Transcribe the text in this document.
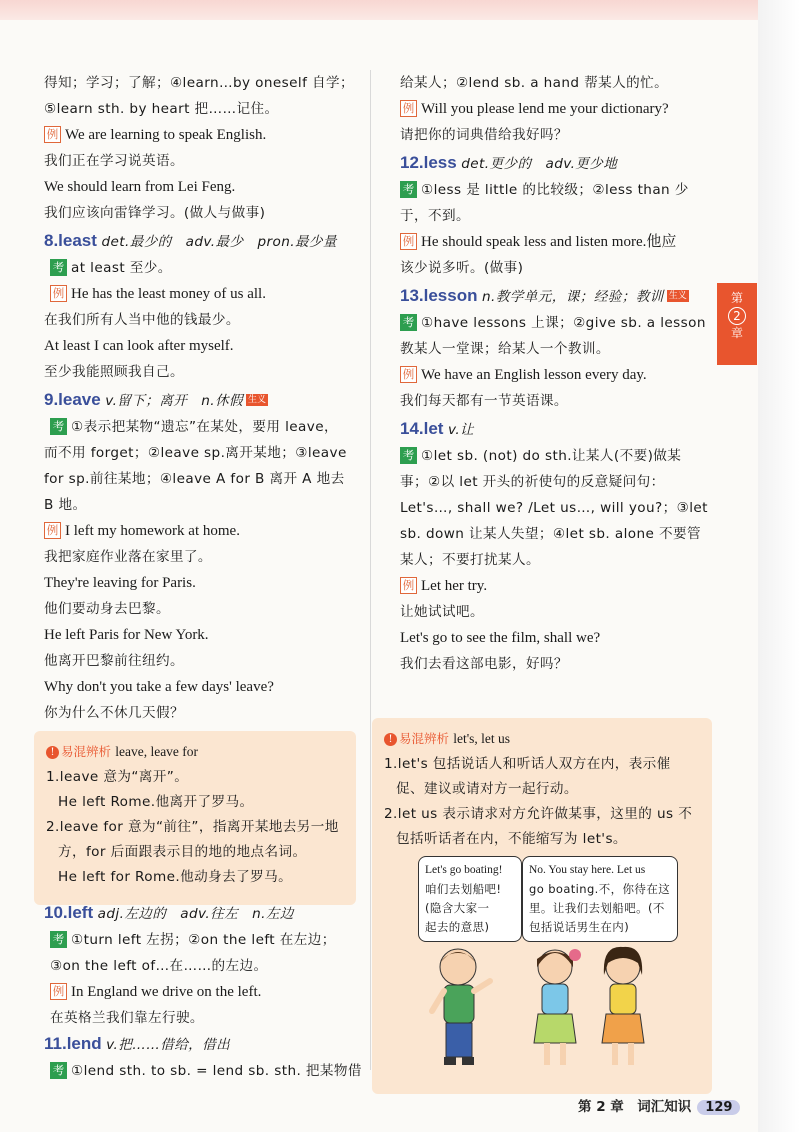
第
2
章
得知；学习；了解；④learn…by oneself 自学；
⑤learn sth. by heart 把……记住。
例 We are learning to speak English.
我们正在学习说英语。
We should learn from Lei Feng.
我们应该向雷锋学习。(做人与做事)
8.least det.最少的　adv.最少　pron.最少量
考 at least 至少。
例 He has the least money of us all.
在我们所有人当中他的钱最少。
At least I can look after myself.
至少我能照顾我自己。
9.leave v.留下；离开　n.休假 生义
考 ①表示把某物“遗忘”在某处，要用 leave，
而不用 forget；②leave sp.离开某地；③leave
for sp.前往某地；④leave A for B 离开 A 地去
B 地。
例 I left my homework at home.
我把家庭作业落在家里了。
They're leaving for Paris.
他们要动身去巴黎。
He left Paris for New York.
他离开巴黎前往纽约。
Why don't you take a few days' leave?
你为什么不休几天假？
! 易混辨析 leave, leave for
1.leave 意为“离开”。
He left Rome.他离开了罗马。
2.leave for 意为“前往”，指离开某地去另一地
方，for 后面跟表示目的地的地点名词。
He left for Rome.他动身去了罗马。
10.left adj.左边的　adv.往左　n.左边
考 ①turn left 左拐；②on the left 在左边；
③on the left of…在……的左边。
例 In England we drive on the left.
在英格兰我们靠左行驶。
11.lend v.把……借给，借出
考 ①lend sth. to sb. = lend sb. sth. 把某物借
给某人；②lend sb. a hand 帮某人的忙。
例 Will you please lend me your dictionary?
请把你的词典借给我好吗？
12.less det.更少的　adv.更少地
考 ①less 是 little 的比较级；②less than 少
于，不到。
例 He should speak less and listen more.他应
该少说多听。(做事)
13.lesson n.教学单元，课；经验；教训 生义
考 ①have lessons 上课；②give sb. a lesson
教某人一堂课；给某人一个教训。
例 We have an English lesson every day.
我们每天都有一节英语课。
14.let v.让
考 ①let sb. (not) do sth.让某人(不要)做某
事；②以 let 开头的祈使句的反意疑问句：
Let's…, shall we? /Let us…, will you?；③let
sb. down 让某人失望；④let sb. alone 不要管
某人；不要打扰某人。
例 Let her try.
让她试试吧。
Let's go to see the film, shall we?
我们去看这部电影，好吗？
! 易混辨析 let's, let us
1.let's 包括说话人和听话人双方在内，表示催
促、建议或请对方一起行动。
2.let us 表示请求对方允许做某事，这里的 us 不
包括听话者在内，不能缩写为 let's。
Let's go boating!
咱们去划船吧!
(隐含大家一
起去的意思)
No. You stay here. Let us
go boating.不，你待在这
里。让我们去划船吧。(不
包括说话男生在内)
第 2 章　词汇知识 129
